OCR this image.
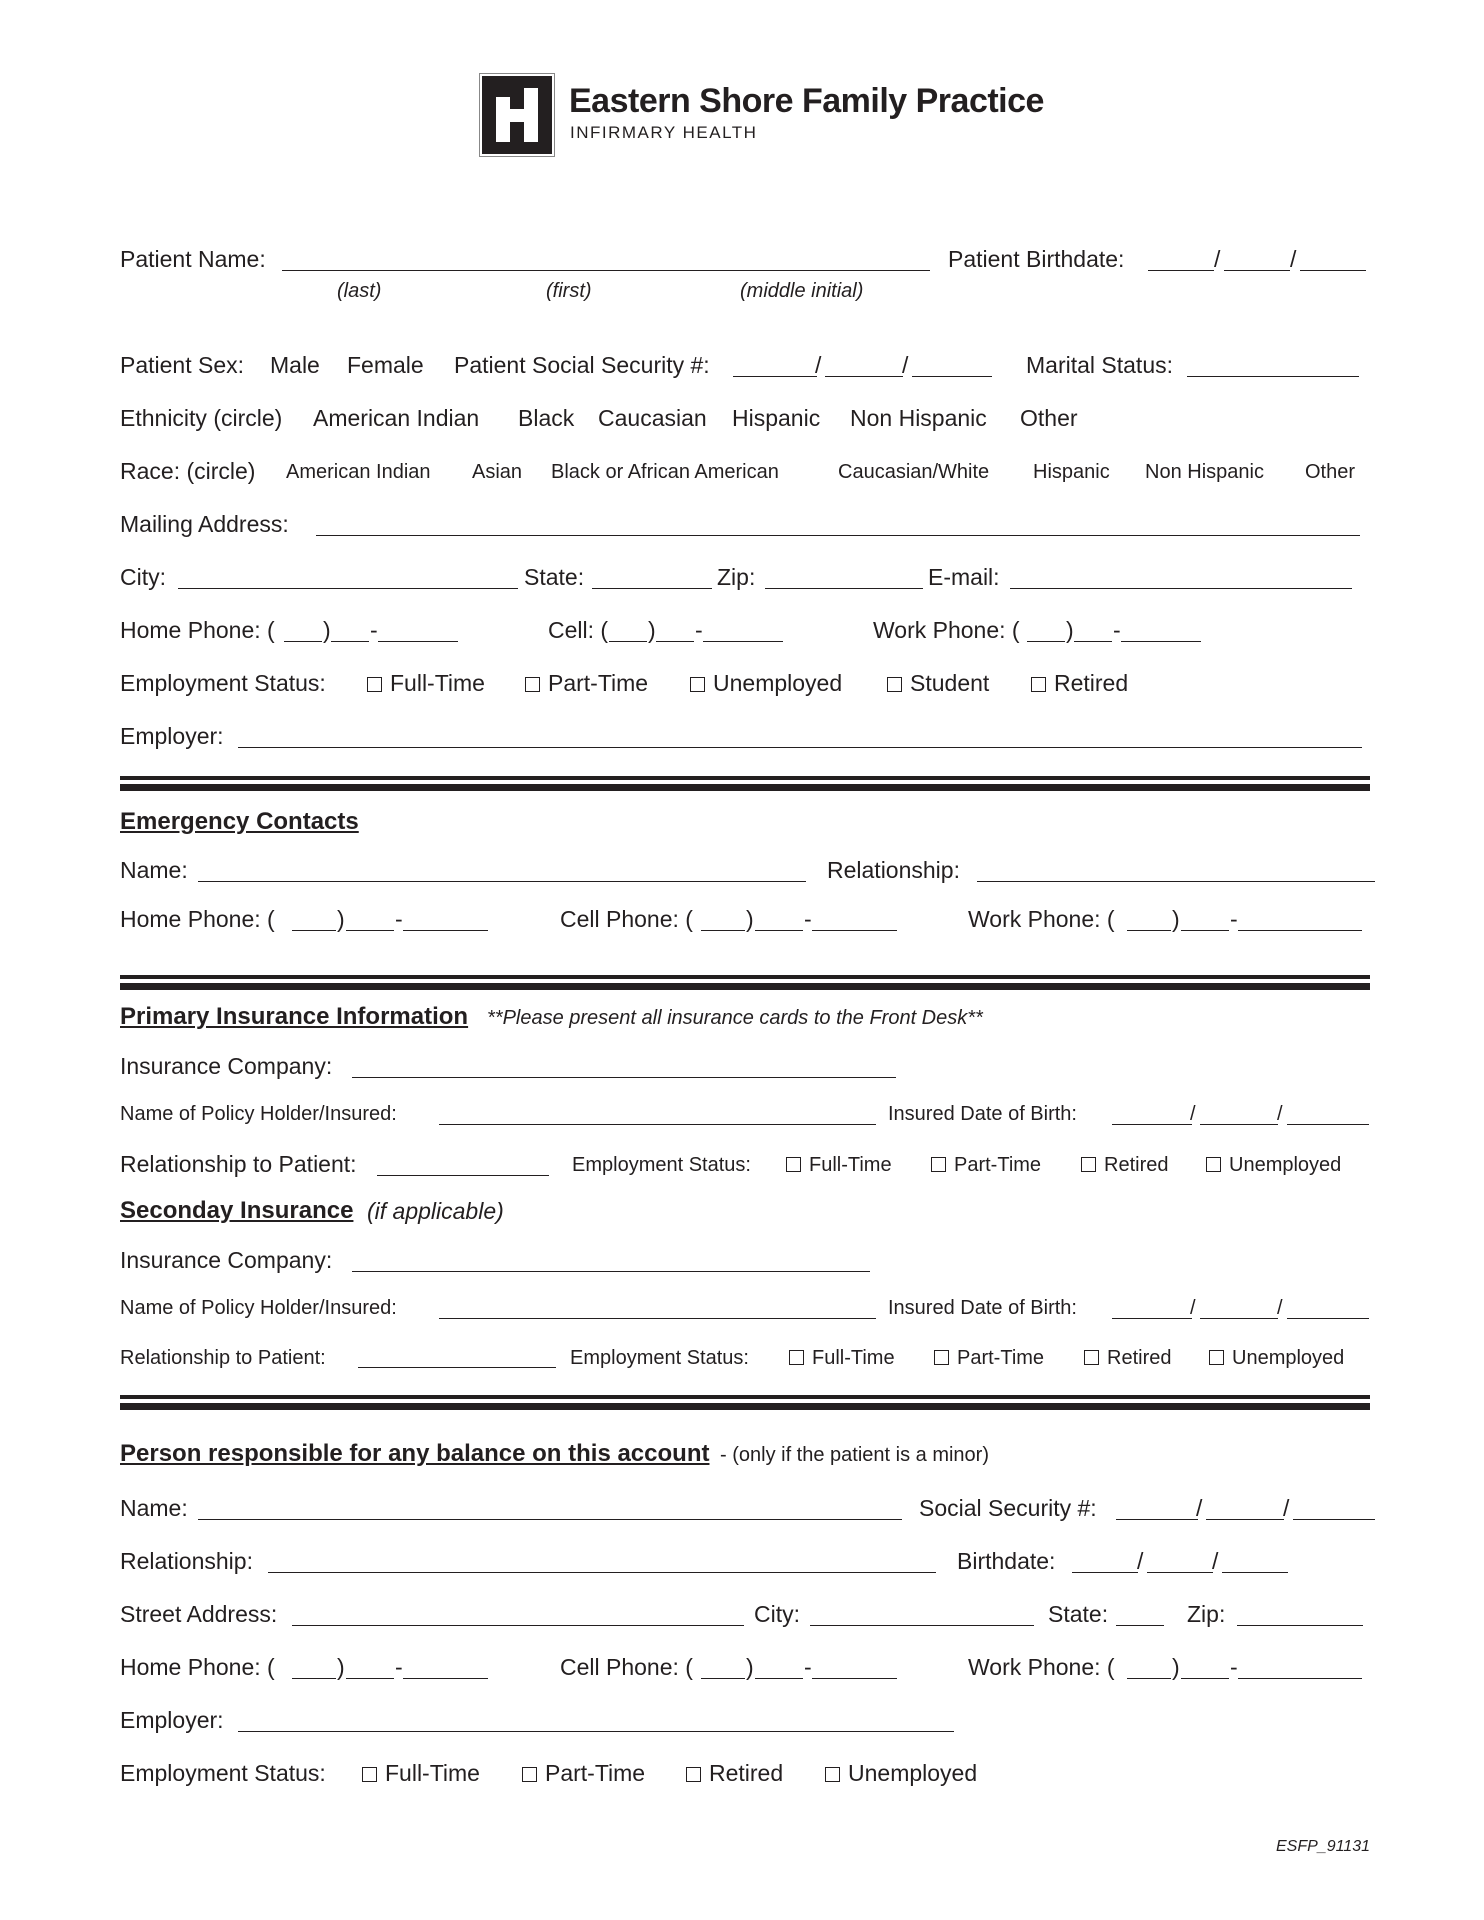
Eastern Shore Family Practice
INFIRMARY HEALTH
Patient Name:
(last)	(first)	(middle initial)
Patient Birthdate:	/	/
Patient Sex: Male Female Patient Social Security #:	/	/	Marital Status:
Ethnicity (circle) American Indian Black Caucasian Hispanic Non Hispanic Other
Race: (circle) American Indian Asian Black or African American	Caucasian/White Hispanic Non Hispanic Other
Mailing Address:
City:	State:	Zip:	E-mail:
Home Phone: ( ) -	Cell: ( ) -	Work Phone: ( ) -
Employment Status:	Full-Time	Part-Time	Unemployed	Student	Retired
Employer:
Emergency Contacts
Name:	Relationship:
Home Phone: (	) -	Cell Phone: ( ) -	Work Phone: ( ) -
Primary Insurance Information **Please present all insurance cards to the Front Desk**
Insurance Company:
Name of Policy Holder/Insured:	Insured Date of Birth:	/	/
Relationship to Patient:	Employment Status:	Full-Time	Part-Time	Retired	Unemployed
Seconday Insurance (if applicable)
Insurance Company:
Name of Policy Holder/Insured:	Insured Date of Birth:	/	/
Relationship to Patient:	Employment Status:	Full-Time	Part-Time	Retired	Unemployed
Person responsible for any balance on this account - (only if the patient is a minor)
Name:	Social Security #:	/	/
Relationship:	Birthdate:	/	/
Street Address:	City:	State:	Zip:
Home Phone: (	) -	Cell Phone: ( ) -	Work Phone: ( ) -
Employer:
Employment Status:	Full-Time	Part-Time	Retired	Unemployed
ESFP_91131
